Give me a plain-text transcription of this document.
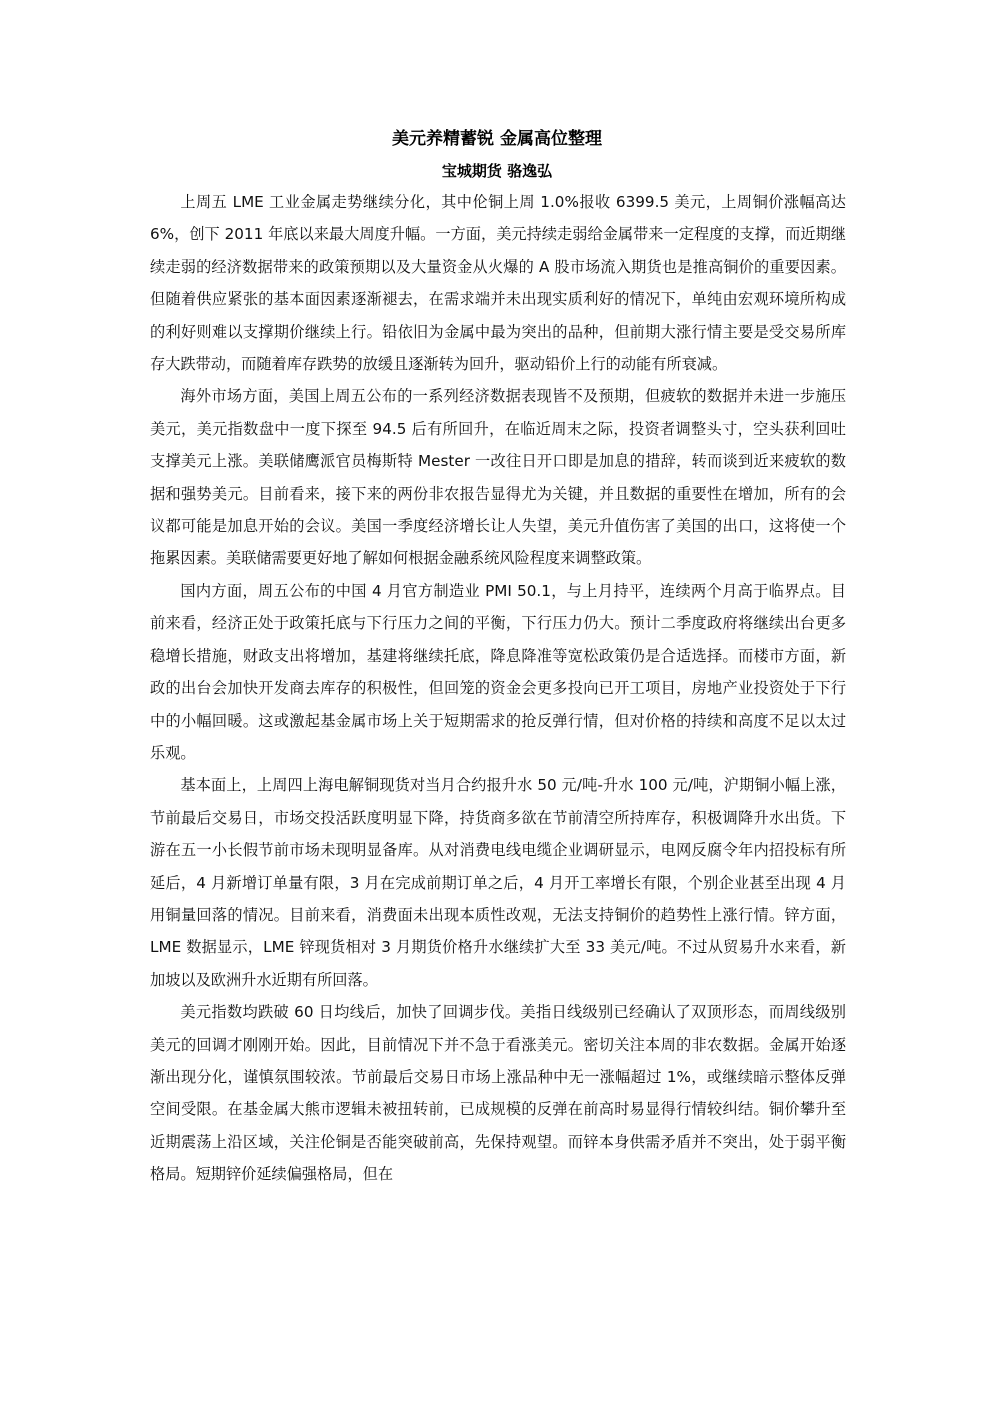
美元养精蓄锐 金属高位整理
宝城期货 骆逸弘

上周五 LME 工业金属走势继续分化，其中伦铜上周 1.0%报收 6399.5 美元，上周铜价涨幅高达 6%，创下 2011 年底以来最大周度升幅。一方面，美元持续走弱给金属带来一定程度的支撑，而近期继续走弱的经济数据带来的政策预期以及大量资金从火爆的 A 股市场流入期货也是推高铜价的重要因素。但随着供应紧张的基本面因素逐渐褪去，在需求端并未出现实质利好的情况下，单纯由宏观环境所构成的利好则难以支撑期价继续上行。铅依旧为金属中最为突出的品种，但前期大涨行情主要是受交易所库存大跌带动，而随着库存跌势的放缓且逐渐转为回升，驱动铅价上行的动能有所衰减。

海外市场方面，美国上周五公布的一系列经济数据表现皆不及预期，但疲软的数据并未进一步施压美元，美元指数盘中一度下探至 94.5 后有所回升，在临近周末之际，投资者调整头寸，空头获利回吐支撑美元上涨。美联储鹰派官员梅斯特 Mester 一改往日开口即是加息的措辞，转而谈到近来疲软的数据和强势美元。目前看来，接下来的两份非农报告显得尤为关键，并且数据的重要性在增加，所有的会议都可能是加息开始的会议。美国一季度经济增长让人失望，美元升值伤害了美国的出口，这将使一个拖累因素。美联储需要更好地了解如何根据金融系统风险程度来调整政策。

国内方面，周五公布的中国 4 月官方制造业 PMI 50.1，与上月持平，连续两个月高于临界点。目前来看，经济正处于政策托底与下行压力之间的平衡，下行压力仍大。预计二季度政府将继续出台更多稳增长措施，财政支出将增加，基建将继续托底，降息降准等宽松政策仍是合适选择。而楼市方面，新政的出台会加快开发商去库存的积极性，但回笼的资金会更多投向已开工项目，房地产业投资处于下行中的小幅回暖。这或激起基金属市场上关于短期需求的抢反弹行情，但对价格的持续和高度不足以太过乐观。

基本面上，上周四上海电解铜现货对当月合约报升水 50 元/吨-升水 100 元/吨，沪期铜小幅上涨，节前最后交易日，市场交投活跃度明显下降，持货商多欲在节前清空所持库存，积极调降升水出货。下游在五一小长假节前市场未现明显备库。从对消费电线电缆企业调研显示，电网反腐令年内招投标有所延后，4 月新增订单量有限，3 月在完成前期订单之后，4 月开工率增长有限，个别企业甚至出现 4 月用铜量回落的情况。目前来看，消费面未出现本质性改观，无法支持铜价的趋势性上涨行情。锌方面，LME 数据显示，LME 锌现货相对 3 月期货价格升水继续扩大至 33 美元/吨。不过从贸易升水来看，新加坡以及欧洲升水近期有所回落。

美元指数均跌破 60 日均线后，加快了回调步伐。美指日线级别已经确认了双顶形态，而周线级别美元的回调才刚刚开始。因此，目前情况下并不急于看涨美元。密切关注本周的非农数据。金属开始逐渐出现分化，谨慎氛围较浓。节前最后交易日市场上涨品种中无一涨幅超过 1%，或继续暗示整体反弹空间受限。在基金属大熊市逻辑未被扭转前，已成规模的反弹在前高时易显得行情较纠结。铜价攀升至近期震荡上沿区域，关注伦铜是否能突破前高，先保持观望。而锌本身供需矛盾并不突出，处于弱平衡格局。短期锌价延续偏强格局，但在
